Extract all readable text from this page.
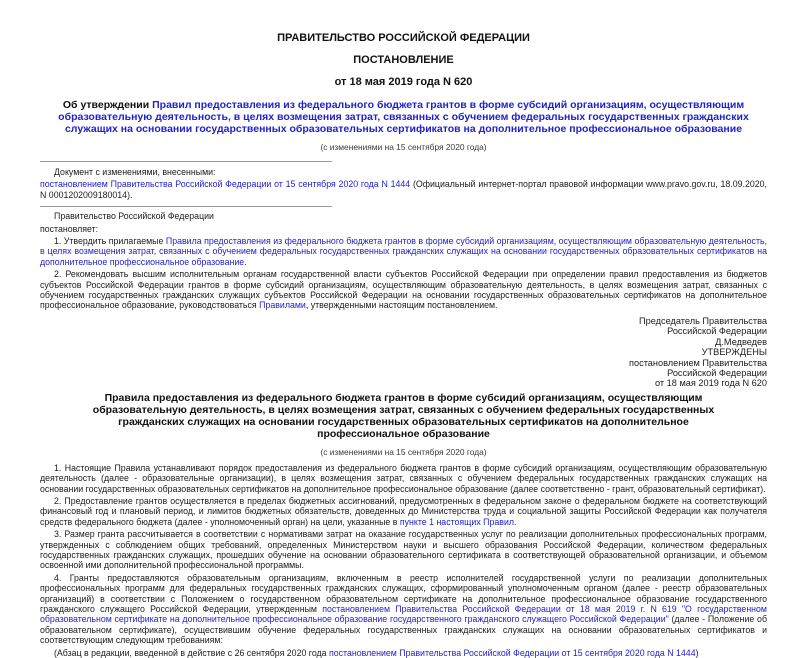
ПРАВИТЕЛЬСТВО РОССИЙСКОЙ ФЕДЕРАЦИИ
ПОСТАНОВЛЕНИЕ
от 18 мая 2019 года N 620
Об утверждении Правил предоставления из федерального бюджета грантов в форме субсидий организациям, осуществляющим образовательную деятельность, в целях возмещения затрат, связанных с обучением федеральных государственных гражданских служащих на основании государственных образовательных сертификатов на дополнительное профессиональное образование
(с изменениями на 15 сентября 2020 года)
Документ с изменениями, внесенными:
постановлением Правительства Российской Федерации от 15 сентября 2020 года N 1444 (Официальный интернет-портал правовой информации www.pravo.gov.ru, 18.09.2020, N 0001202009180014).
Правительство Российской Федерации
постановляет:
1. Утвердить прилагаемые Правила предоставления из федерального бюджета грантов в форме субсидий организациям, осуществляющим образовательную деятельность, в целях возмещения затрат, связанных с обучением федеральных государственных гражданских служащих на основании государственных образовательных сертификатов на дополнительное профессиональное образование.
2. Рекомендовать высшим исполнительным органам государственной власти субъектов Российской Федерации при определении правил предоставления из бюджетов субъектов Российской Федерации грантов в форме субсидий организациям, осуществляющим образовательную деятельность, в целях возмещения затрат, связанных с обучением государственных гражданских служащих субъектов Российской Федерации на основании государственных образовательных сертификатов на дополнительное профессиональное образование, руководствоваться Правилами, утвержденными настоящим постановлением.
Председатель Правительства
Российской Федерации
Д.Медведев
УТВЕРЖДЕНЫ
постановлением Правительства
Российской Федерации
от 18 мая 2019 года N 620
Правила предоставления из федерального бюджета грантов в форме субсидий организациям, осуществляющим образовательную деятельность, в целях возмещения затрат, связанных с обучением федеральных государственных гражданских служащих на основании государственных образовательных сертификатов на дополнительное профессиональное образование
(с изменениями на 15 сентября 2020 года)
1. Настоящие Правила устанавливают порядок предоставления из федерального бюджета грантов в форме субсидий организациям, осуществляющим образовательную деятельность (далее - образовательные организации), в целях возмещения затрат, связанных с обучением федеральных государственных гражданских служащих на основании государственных образовательных сертификатов на дополнительное профессиональное образование (далее соответственно - грант, образовательный сертификат).
2. Предоставление грантов осуществляется в пределах бюджетных ассигнований, предусмотренных в федеральном законе о федеральном бюджете на соответствующий финансовый год и плановый период, и лимитов бюджетных обязательств, доведенных до Министерства труда и социальной защиты Российской Федерации как получателя средств федерального бюджета (далее - уполномоченный орган) на цели, указанные в пункте 1 настоящих Правил.
3. Размер гранта рассчитывается в соответствии с нормативами затрат на оказание государственных услуг по реализации дополнительных профессиональных программ, утвержденных с соблюдением общих требований, определенных Министерством науки и высшего образования Российской Федерации, количеством федеральных государственных гражданских служащих, прошедших обучение на основании образовательного сертификата в соответствующей образовательной организации, и объемом освоенной ими дополнительной профессиональной программы.
4. Гранты предоставляются образовательным организациям, включенным в реестр исполнителей государственной услуги по реализации дополнительных профессиональных программ для федеральных государственных гражданских служащих, сформированный уполномоченным органом (далее - реестр образовательных организаций) в соответствии с Положением о государственном образовательном сертификате на дополнительное профессиональное образование государственного гражданского служащего Российской Федерации, утвержденным постановлением Правительства Российской Федерации от 18 мая 2019 г. N 619 "О государственном образовательном сертификате на дополнительное профессиональное образование государственного гражданского служащего Российской Федерации" (далее - Положение об образовательном сертификате), осуществившим обучение федеральных государственных гражданских служащих на основании образовательных сертификатов и соответствующим следующим требованиям:
(Абзац в редакции, введенной в действие с 26 сентября 2020 года постановлением Правительства Российской Федерации от 15 сентября 2020 года N 1444)
